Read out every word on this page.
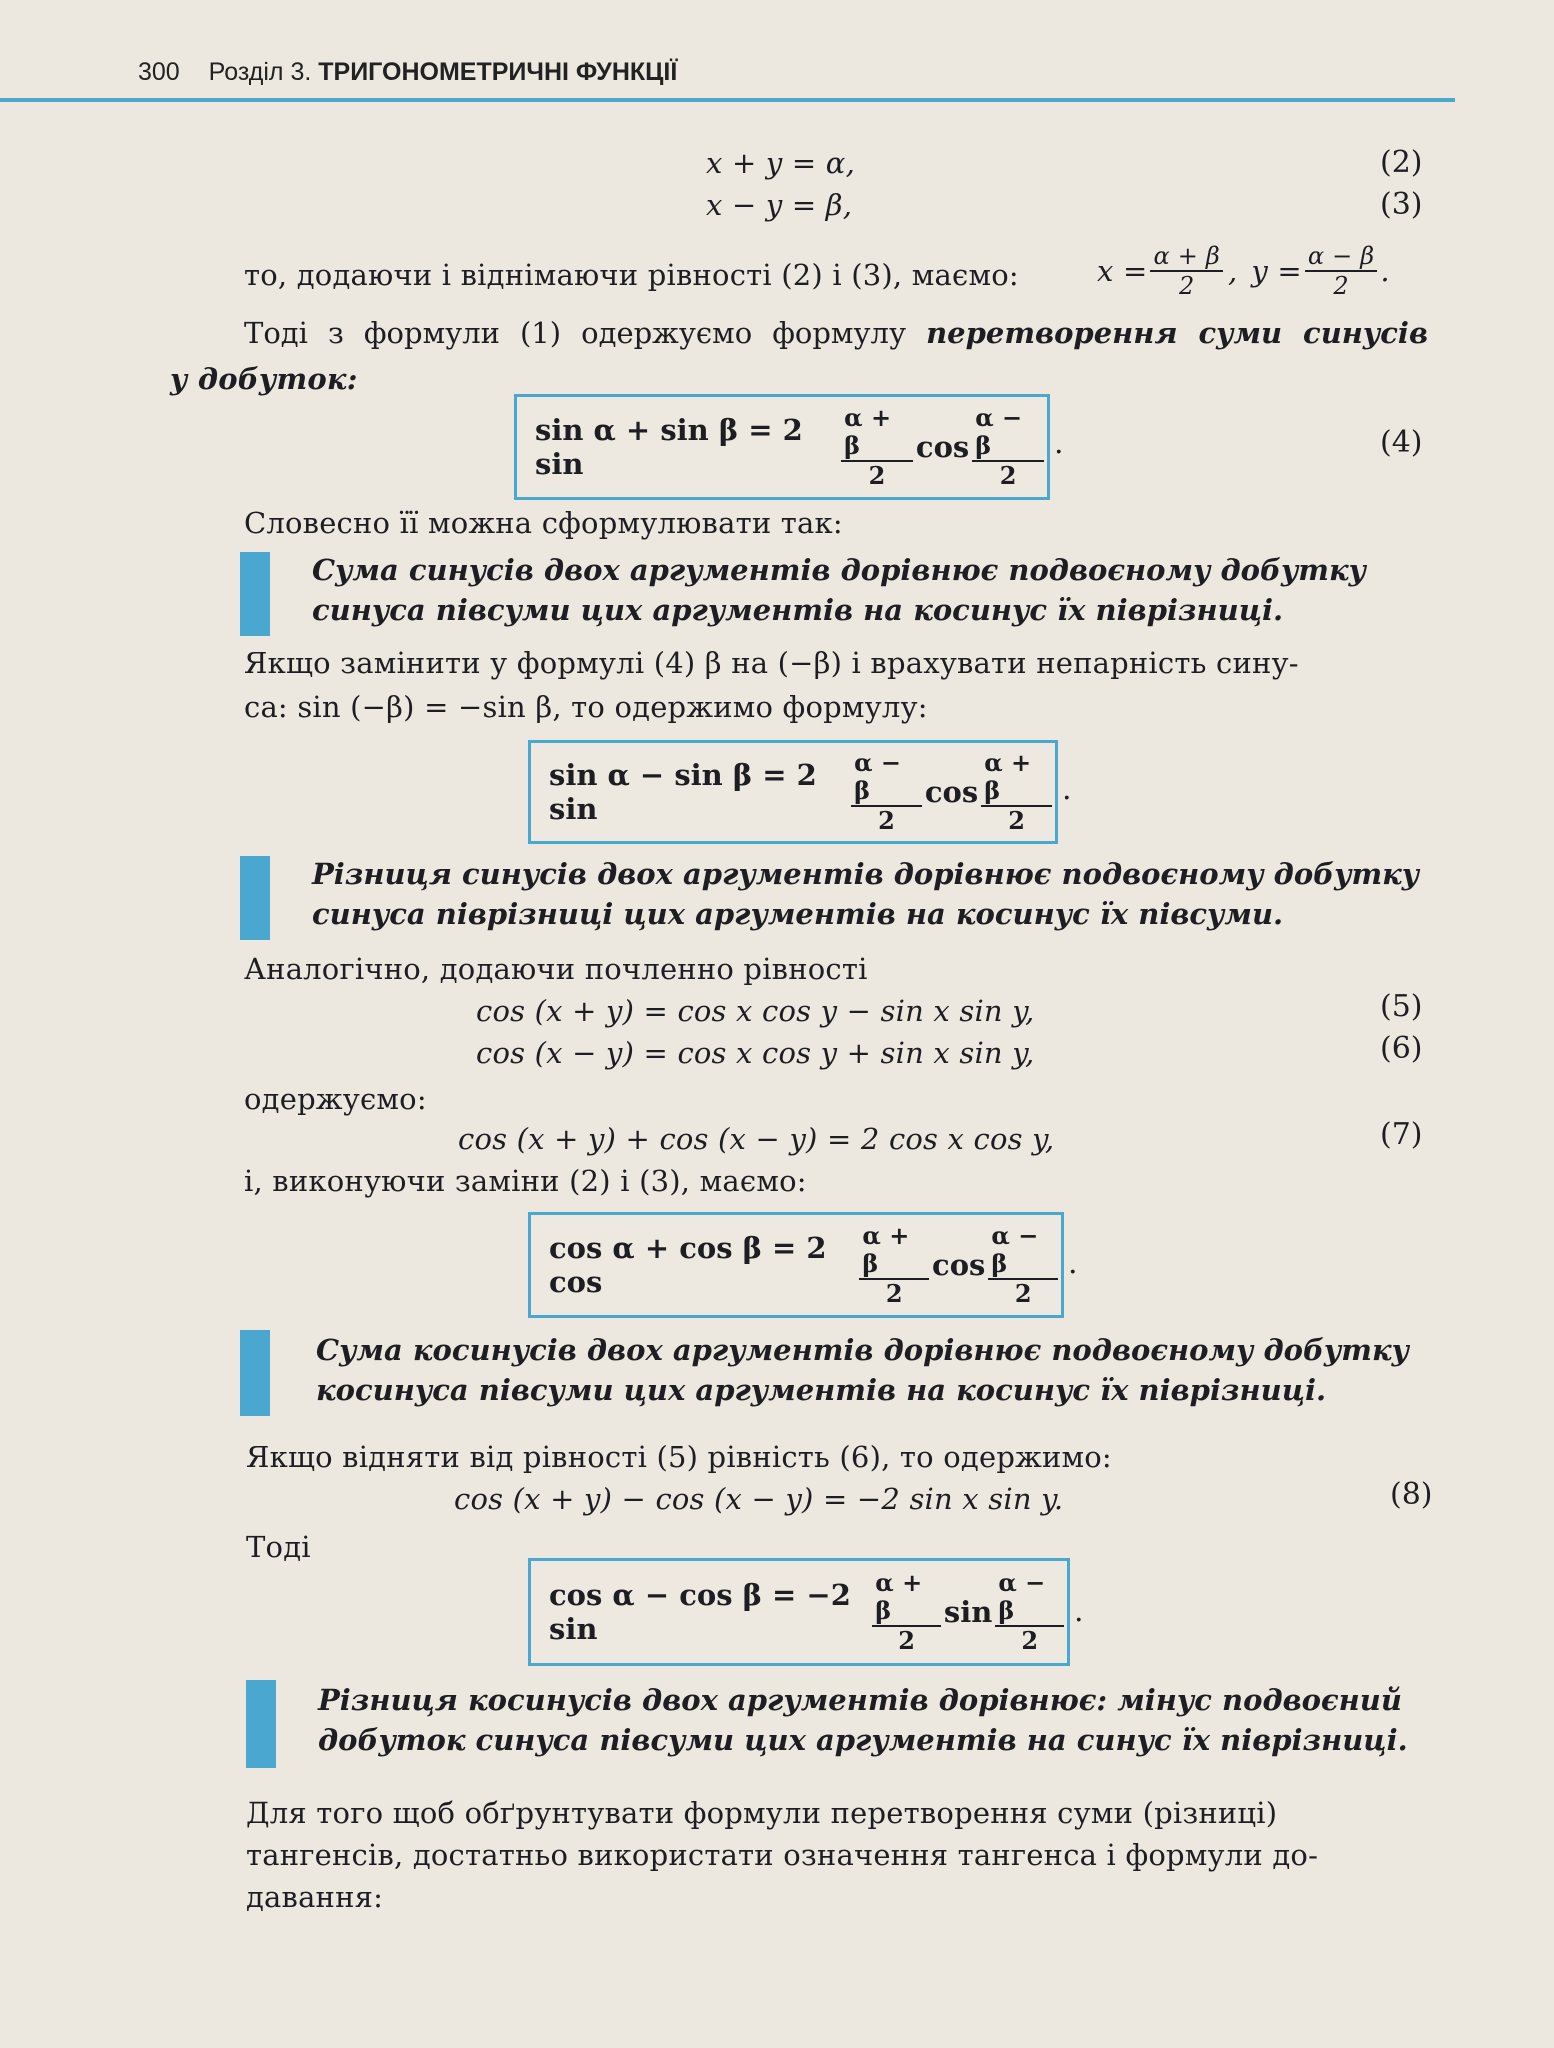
300 Розділ 3. ТРИГОНОМЕТРИЧНІ ФУНКЦІЇ
x + y = α,	(2)
x − y = β,	(3)
то, додаючи і віднімаючи рівності (2) і (3), маємо:	$x = \frac{\alpha + \beta}{2}$ , $y = \frac{\alpha - \beta}{2}$ .
Тоді з формули (1) одержуємо формулу перетворення суми синусів
у добуток:
sin α + sin β = 2 sin	$\frac{\alpha + \beta}{2}$ $\cos \frac{\alpha - \beta}{2}$ .	(4)
Словесно її можна сформулювати так:
Сума синусів двох аргументів дорівнює подвоєному добутку
синуса півсуми цих аргументів на косинус їх піврізниці.
Якщо замінити у формулі (4) β на (−β) і врахувати непарність сину-
са: sin (−β) = −sin β, то одержимо формулу:
sin α − sin β = 2 sin	$\frac{\alpha - \beta}{2}$ $\cos \frac{\alpha + \beta}{2}$ .
Різниця синусів двох аргументів дорівнює подвоєному добутку
синуса піврізниці цих аргументів на косинус їх півсуми.
Аналогічно, додаючи почленно рівності
cos (x + y) = cos x cos y − sin x sin y,	(5)
cos (x − y) = cos x cos y + sin x sin y,	(6)
одержуємо:
cos (x + y) + cos (x − y) = 2 cos x cos y,	(7)
і, виконуючи заміни (2) і (3), маємо:
cos α + cos β = 2 cos	$\frac{\alpha + \beta}{2}$ $\cos \frac{\alpha - \beta}{2}$ .
Сума косинусів двох аргументів дорівнює подвоєному добутку
косинуса півсуми цих аргументів на косинус їх піврізниці.
Якщо відняти від рівності (5) рівність (6), то одержимо:
cos (x + y) − cos (x − y) = −2 sin x sin y.	(8)
Тоді
cos α − cos β = −2 sin	$\frac{\alpha + \beta}{2}$ $\sin \frac{\alpha - \beta}{2}$ .
Різниця косинусів двох аргументів дорівнює: мінус подвоєний
добуток синуса півсуми цих аргументів на синус їх піврізниці.
Для того щоб обґрунтувати формули перетворення суми (різниці)
тангенсів, достатньо використати означення тангенса і формули до-
давання:
